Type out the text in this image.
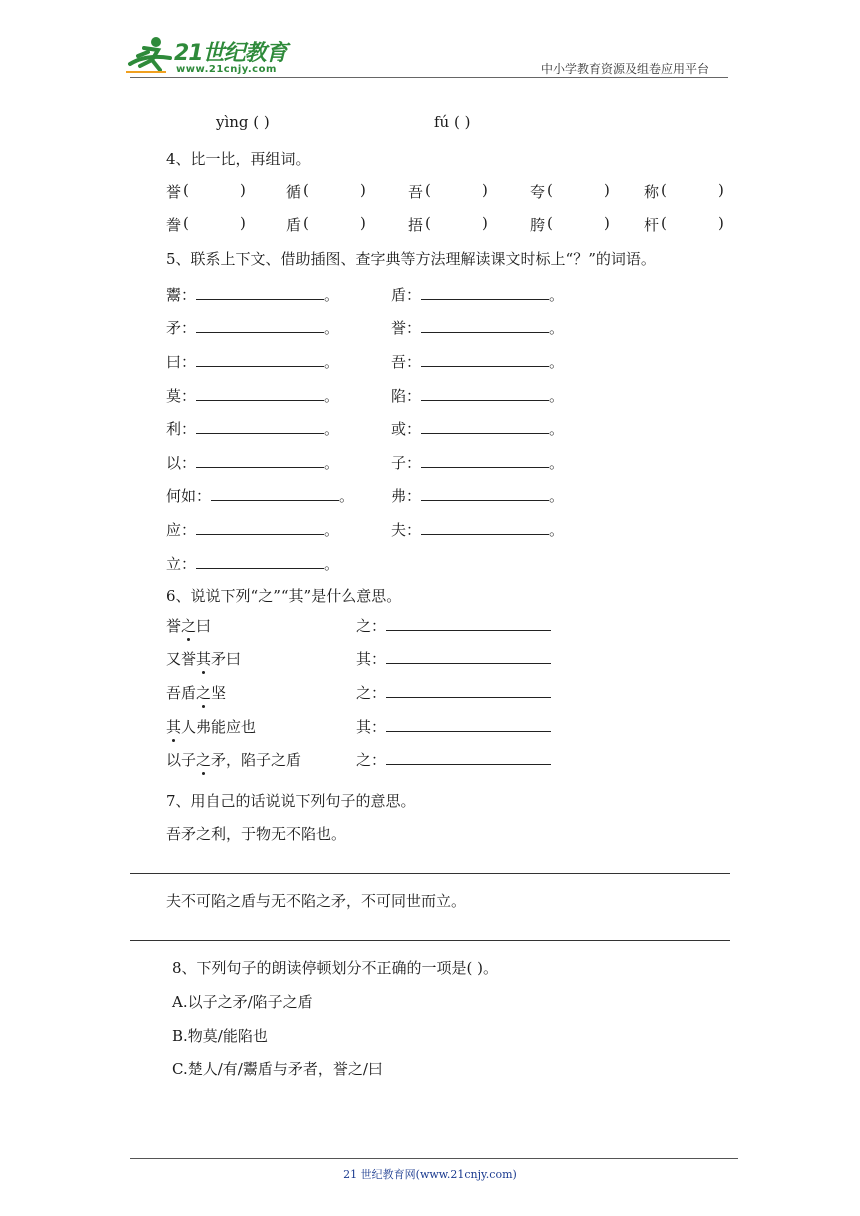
21世纪教育
www.21cnjy.com	中小学教育资源及组卷应用平台
yìng ( )	fú ( )
4、比一比，再组词。
誉 (	)	循 (	)	吾 (	)	夸 (	) 称 (	)
誊 (	)	盾 (	)	捂 (	)	胯 (	) 杆 (	)
5、联系上下文、借助插图、查字典等方法理解读课文时标上“？”的词语。
鬻：	。	盾：	。
矛：	。	誉：	。
曰：	。	吾：	。
莫：	。	陷：	。
利：	。	或：	。
以：	。	子：	。
何如：	。 弗：	。
应：	。	夫：	。
立：	。
6、说说下列“之”“其”是什么意思。
誉之曰	之：
又誉其矛曰	其：
吾盾之坚	之：
其人弗能应也	其：
以子之矛，陷子之盾	之：
7、用自己的话说说下列句子的意思。
吾矛之利，于物无不陷也。
夫不可陷之盾与无不陷之矛，不可同世而立。
8、下列句子的朗读停顿划分不正确的一项是( )。
A.以子之矛/陷子之盾
B.物莫/能陷也
C.楚人/有/鬻盾与矛者，誉之/曰
21 世纪教育网(www.21cnjy.com)
